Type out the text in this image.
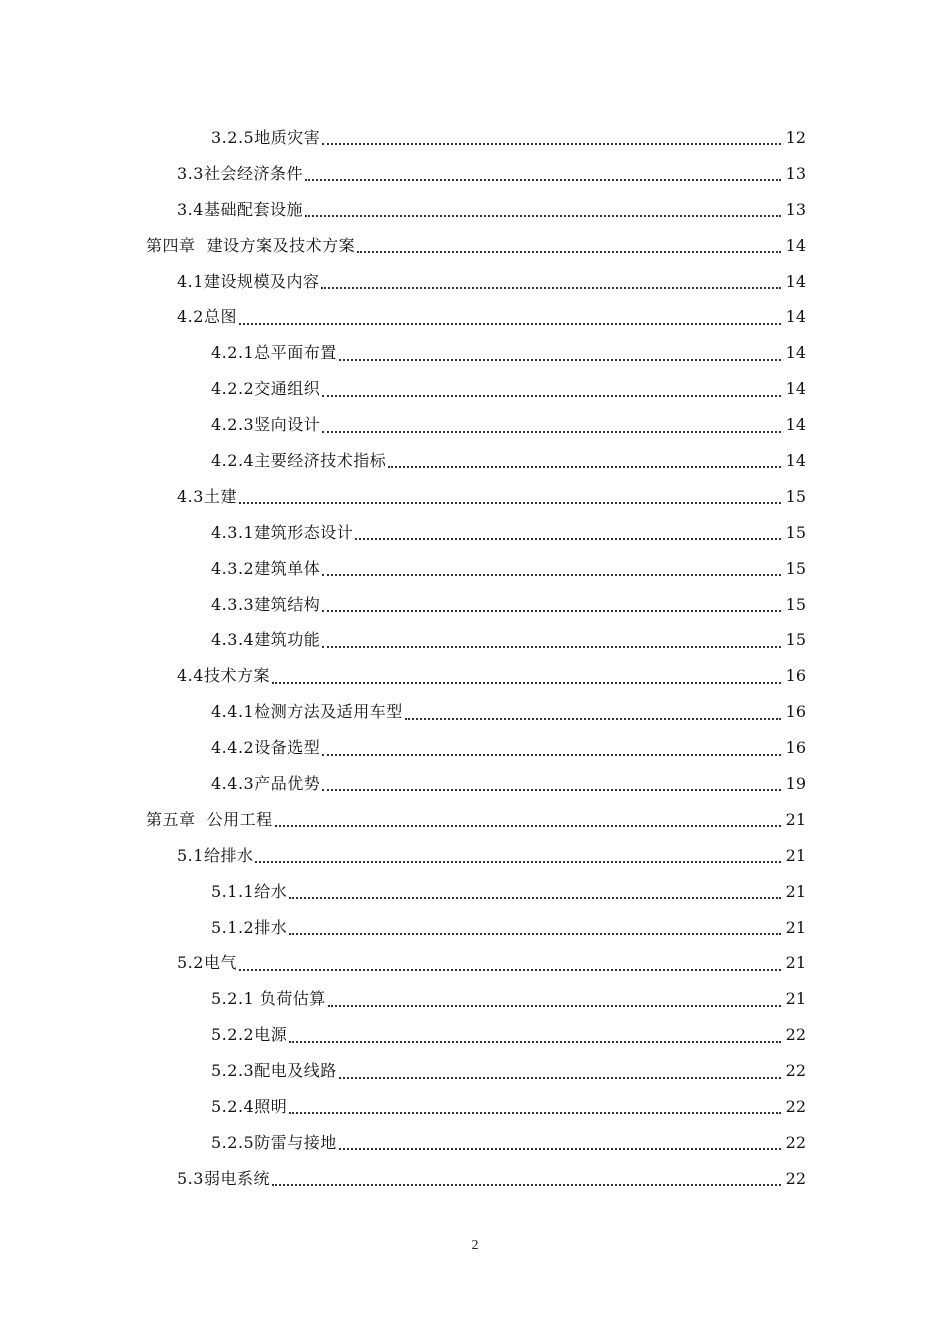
3.2.5地质灾害	12
3.3社会经济条件	13
3.4基础配套设施	13
第四章  建设方案及技术方案	14
4.1建设规模及内容	14
4.2总图	14
4.2.1总平面布置	14
4.2.2交通组织	14
4.2.3竖向设计	14
4.2.4主要经济技术指标	14
4.3土建	15
4.3.1建筑形态设计	15
4.3.2建筑单体	15
4.3.3建筑结构	15
4.3.4建筑功能	15
4.4技术方案	16
4.4.1检测方法及适用车型	16
4.4.2设备选型	16
4.4.3产品优势	19
第五章  公用工程	21
5.1给排水	21
5.1.1给水	21
5.1.2排水	21
5.2电气	21
5.2.1 负荷估算	21
5.2.2电源	22
5.2.3配电及线路	22
5.2.4照明	22
5.2.5防雷与接地	22
5.3弱电系统	22
2
